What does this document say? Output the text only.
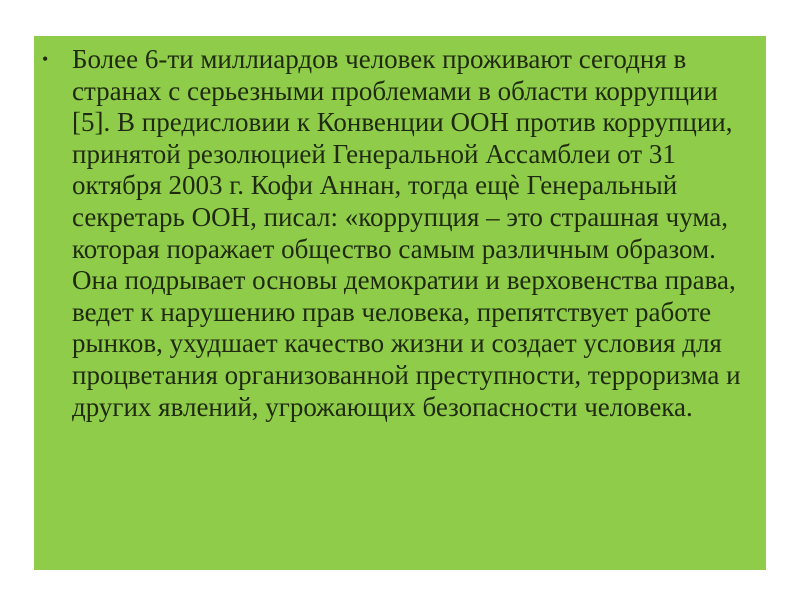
• Более 6-ти миллиардов человек проживают сегодня в странах с серьезными проблемами в области коррупции [5]. В предисловии к Конвенции ООН против коррупции, принятой резолюцией Генеральной Ассамблеи от 31 октября 2003 г. Кофи Аннан, тогда ещѐ Генеральный секретарь ООН, писал: «коррупция – это страшная чума, которая поражает общество самым различным образом. Она подрывает основы демократии и верховенства права, ведет к нарушению прав человека, препятствует работе рынков, ухудшает качество жизни и создает условия для процветания организованной преступности, терроризма и других явлений, угрожающих безопасности человека.
